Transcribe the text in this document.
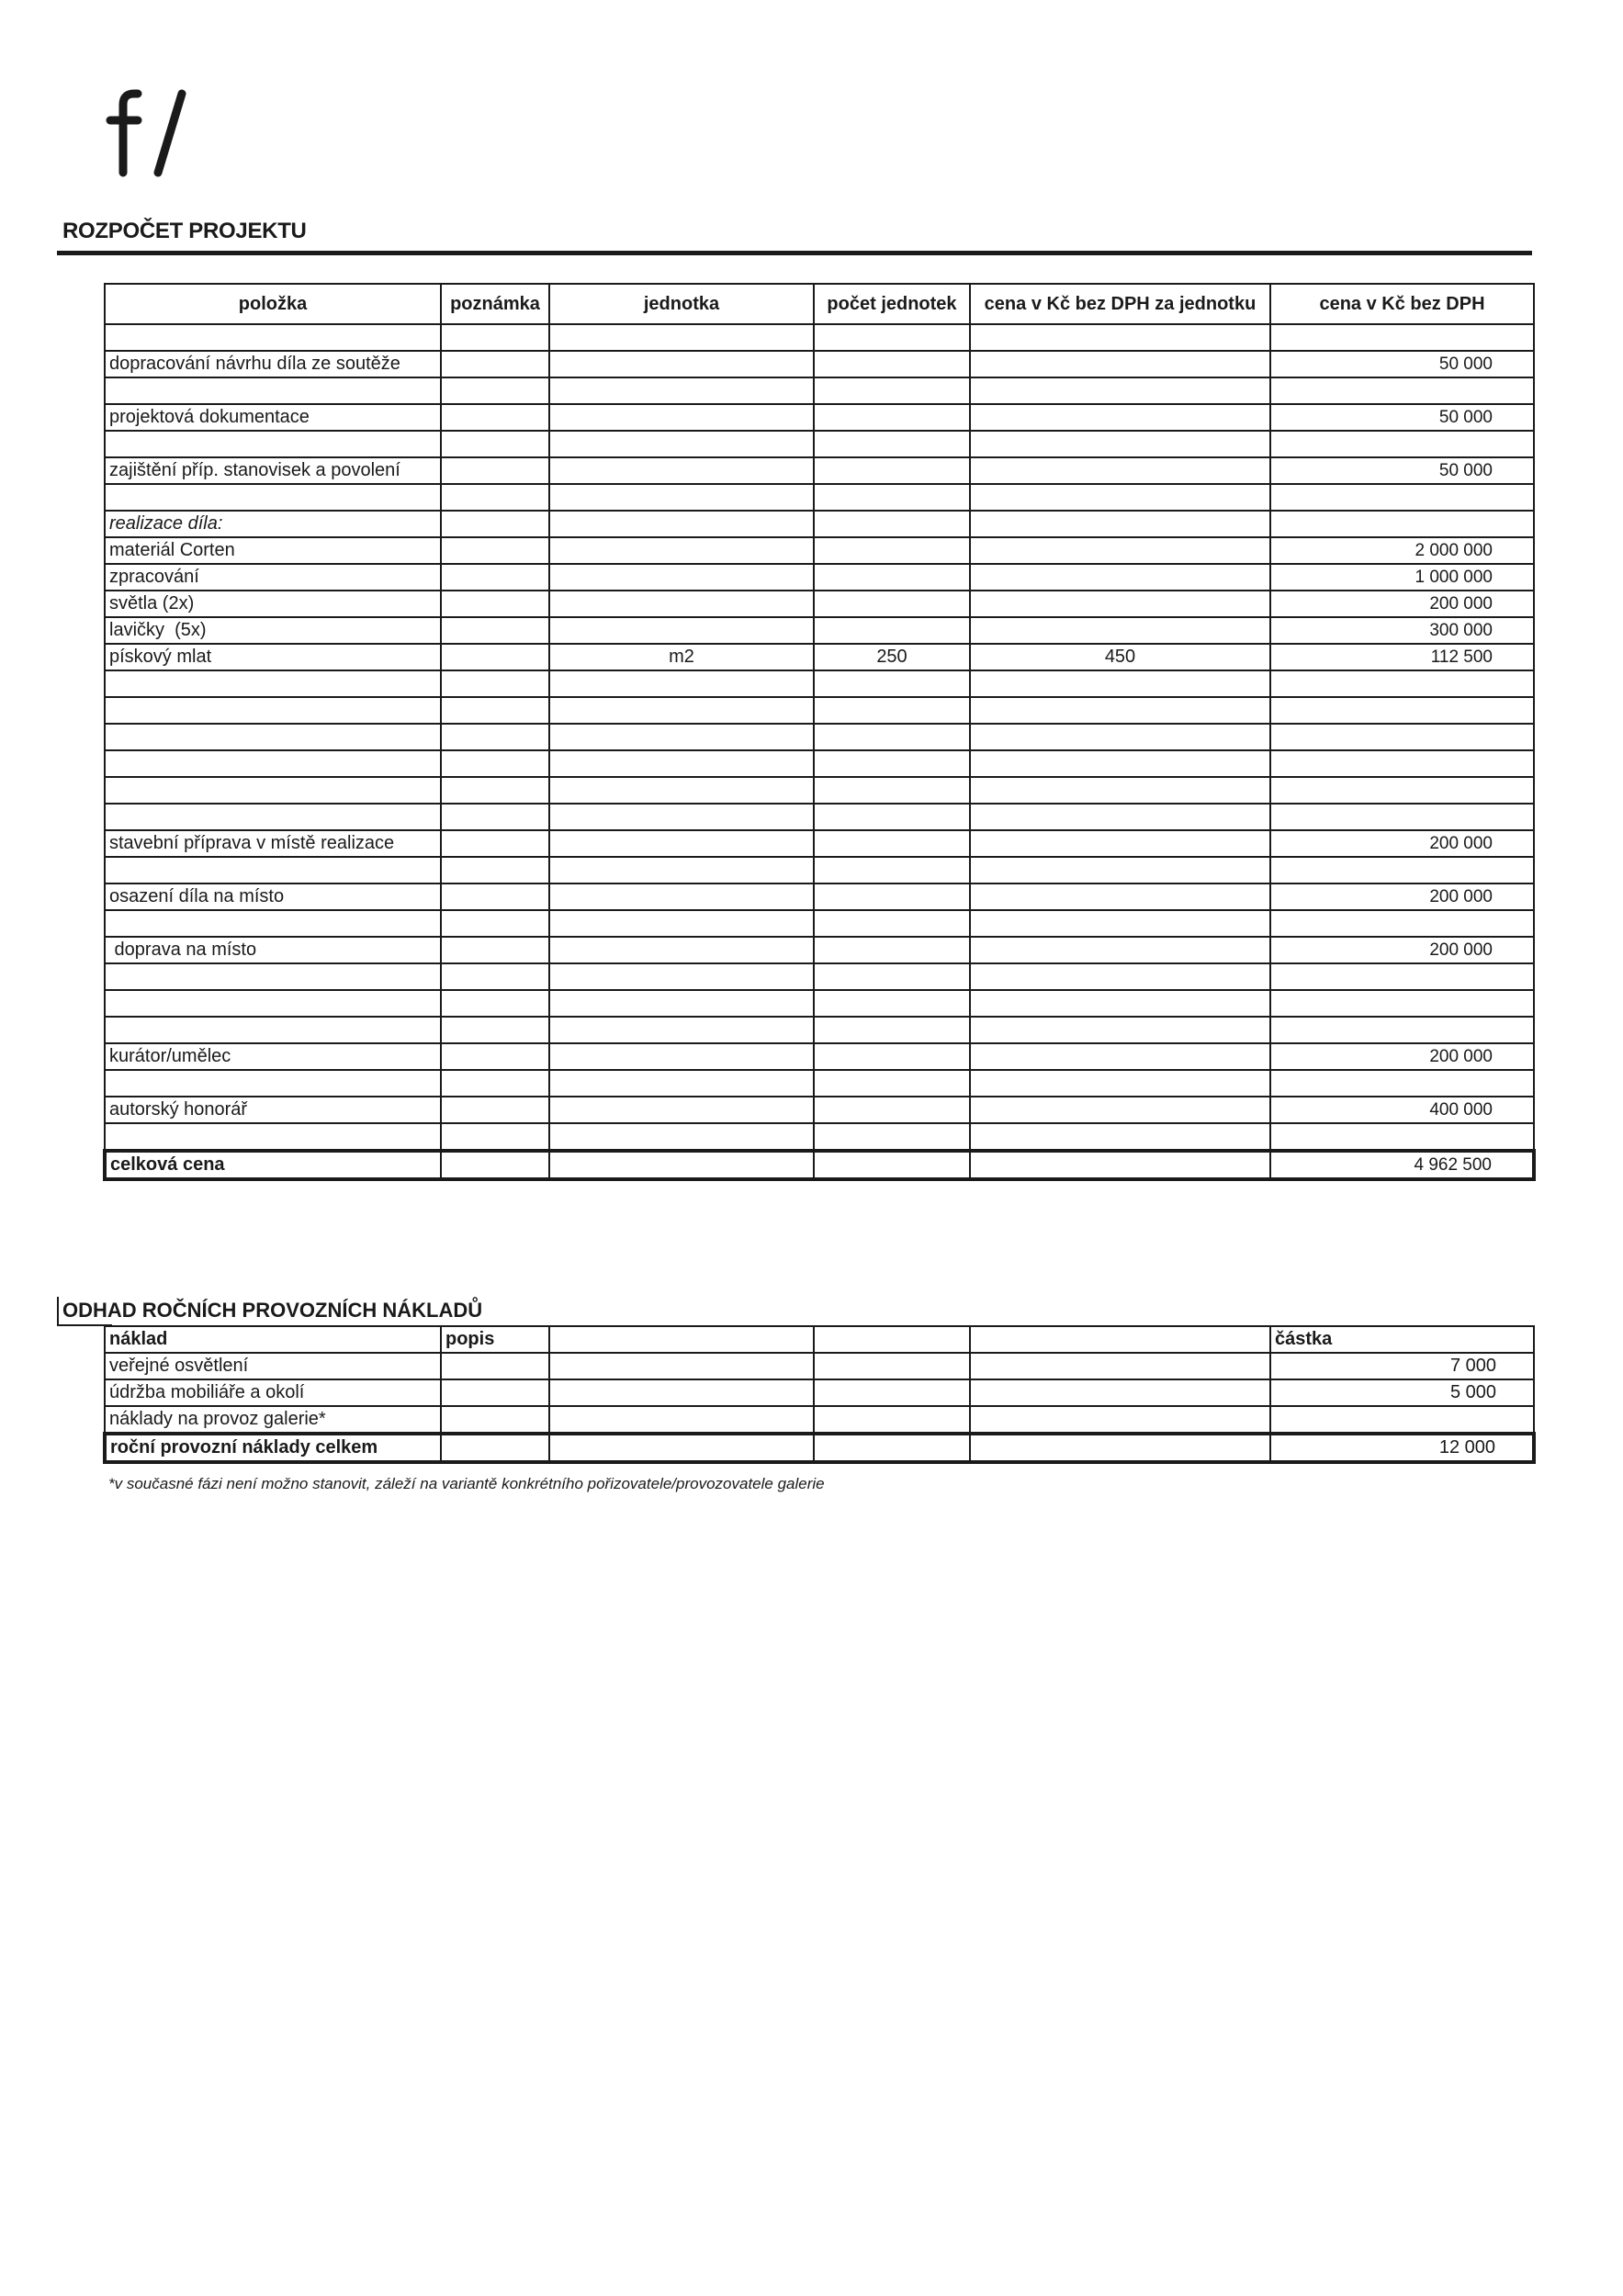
ROZPOČET PROJEKTU
položka	poznámka	jednotka	počet jednotek	cena v Kč bez DPH za jednotku	cena v Kč bez DPH

dopracování návrhu díla ze soutěže					50 000

projektová dokumentace					50 000

zajištění příp. stanovisek a povolení					50 000

realizace díla:					
materiál Corten					2 000 000
zpracování					1 000 000
světla (2x)					200 000
lavičky  (5x)					300 000
pískový mlat		m2	250	450	112 500

stavební příprava v místě realizace					200 000

osazení díla na místo					200 000

doprava na místo					200 000

kurátor/umělec					200 000

autorský honorář					400 000

celková cena					4 962 500
ODHAD ROČNÍCH PROVOZNÍCH NÁKLADŮ
náklad	popis				částka
veřejné osvětlení					7 000
údržba mobiliáře a okolí					5 000
náklady na provoz galerie*					
roční provozní náklady celkem					12 000
*v současné fázi není možno stanovit, záleží na variantě konkrétního pořizovatele/provozovatele galerie
